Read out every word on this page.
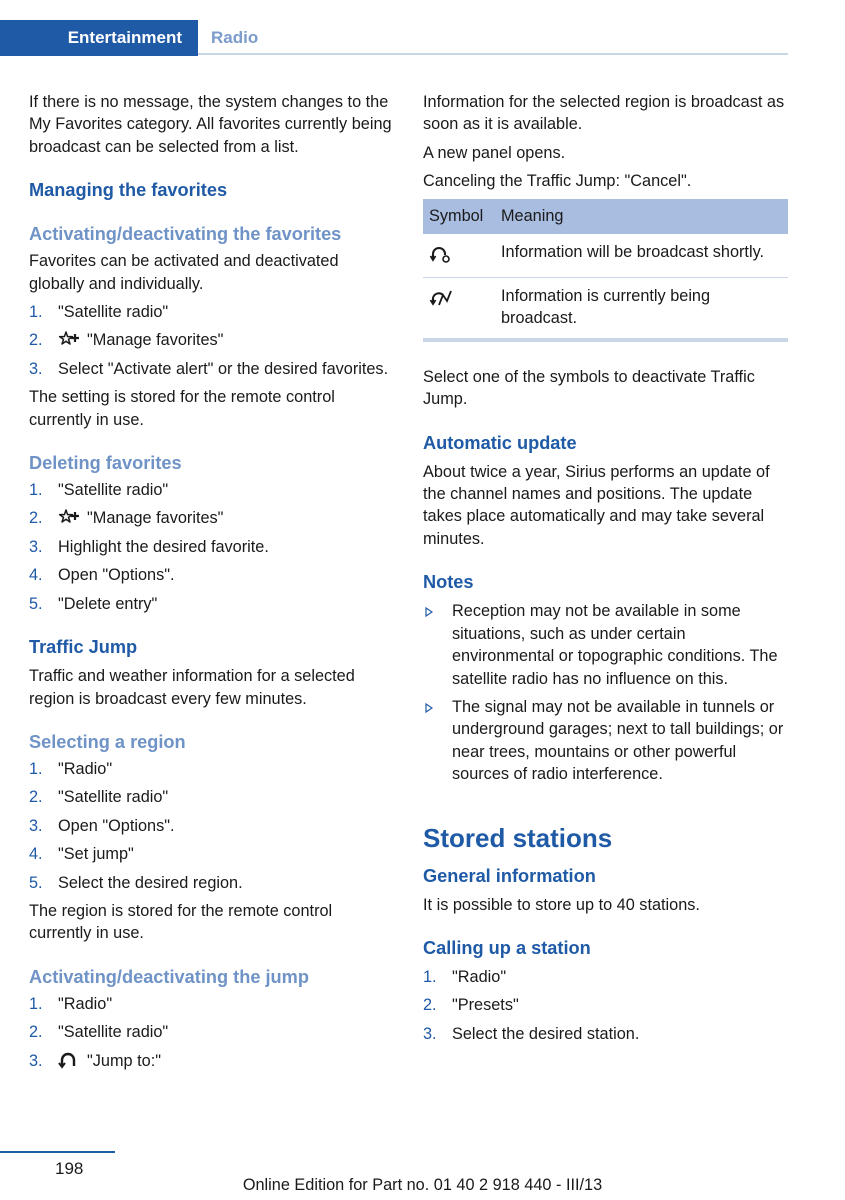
Entertainment	Radio

If there is no message, the system changes to the My Favorites category. All favorites currently being broadcast can be selected from a list.

Managing the favorites
Activating/deactivating the favorites

Favorites can be activated and deactivated globally and individually.

1. "Satellite radio"
2.	"Manage favorites"
3. Select "Activate alert" or the desired favorites.

The setting is stored for the remote control currently in use.

Deleting favorites
1. "Satellite radio"
2.	"Manage favorites"
3. Highlight the desired favorite.
4. Open "Options".
5. "Delete entry"
Traffic Jump

Traffic and weather information for a selected region is broadcast every few minutes.

Selecting a region
1. "Radio"
2. "Satellite radio"
3. Open "Options".
4. "Set jump"
5. Select the desired region.

The region is stored for the remote control currently in use.

Activating/deactivating the jump
1. "Radio"
2. "Satellite radio"
3.	"Jump to:"

Information for the selected region is broadcast as soon as it is available.

A new panel opens.

Canceling the Traffic Jump: "Cancel".

Symbol	Meaning
	Information will be broadcast shortly.
	Information is currently being broadcast.

Select one of the symbols to deactivate Traffic Jump.

Automatic update

About twice a year, Sirius performs an update of the channel names and positions. The update takes place automatically and may take several minutes.

Notes
Reception may not be available in some situations, such as under certain environmental or topographic conditions. The satellite radio has no influence on this.
The signal may not be available in tunnels or underground garages; next to tall buildings; or near trees, mountains or other powerful sources of radio interference.
Stored stations
General information

It is possible to store up to 40 stations.

Calling up a station
1. "Radio"
2. "Presets"
3. Select the desired station.
198
Online Edition for Part no. 01 40 2 918 440 - III/13
